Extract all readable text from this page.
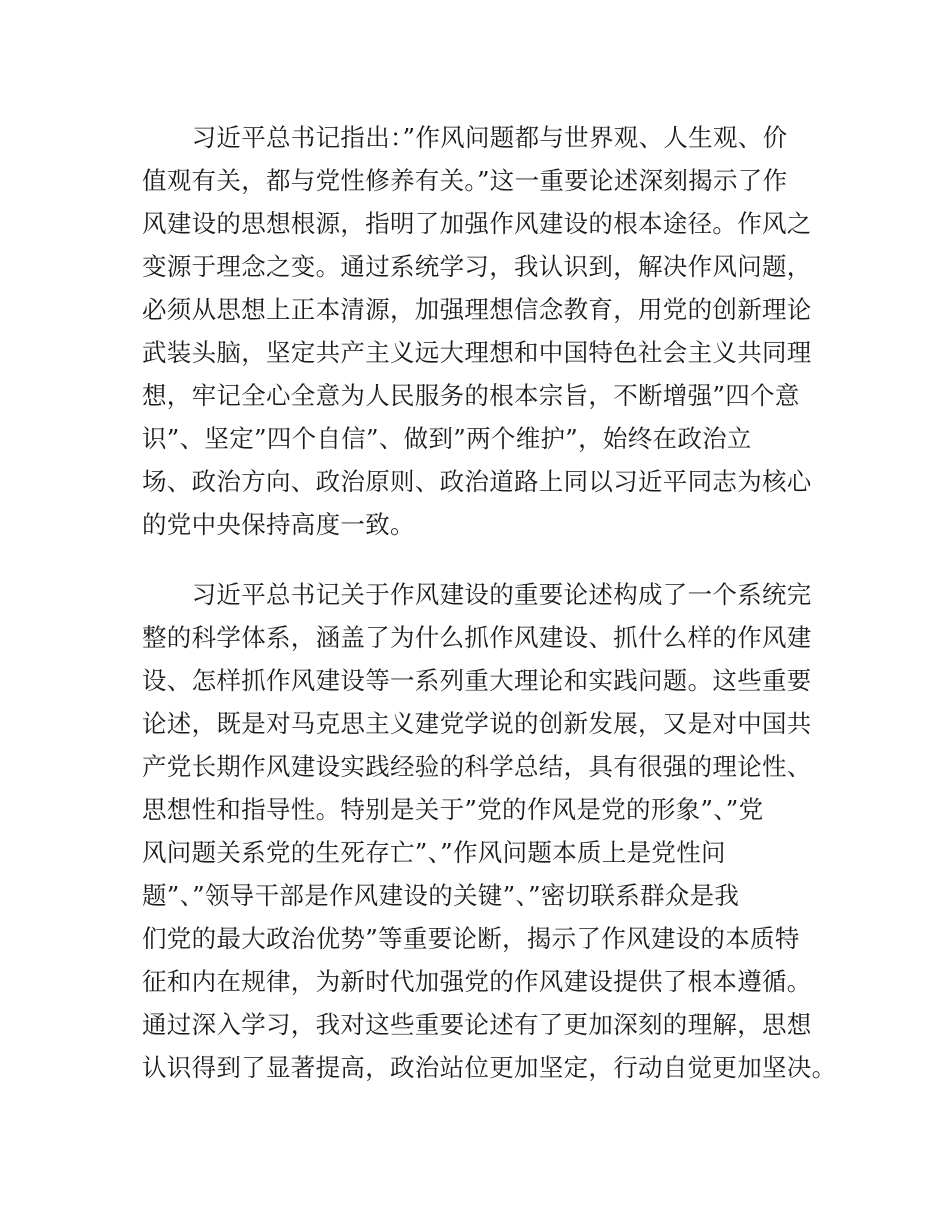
　　习近平总书记指出：”作风问题都与世界观、人生观、价
值观有关，都与党性修养有关。”这一重要论述深刻揭示了作
风建设的思想根源，指明了加强作风建设的根本途径。作风之
变源于理念之变。通过系统学习，我认识到，解决作风问题，
必须从思想上正本清源，加强理想信念教育，用党的创新理论
武装头脑，坚定共产主义远大理想和中国特色社会主义共同理
想，牢记全心全意为人民服务的根本宗旨，不断增强”四个意
识”、坚定”四个自信”、做到”两个维护”，始终在政治立
场、政治方向、政治原则、政治道路上同以习近平同志为核心
的党中央保持高度一致。
　　习近平总书记关于作风建设的重要论述构成了一个系统完
整的科学体系，涵盖了为什么抓作风建设、抓什么样的作风建
设、怎样抓作风建设等一系列重大理论和实践问题。这些重要
论述，既是对马克思主义建党学说的创新发展，又是对中国共
产党长期作风建设实践经验的科学总结，具有很强的理论性、
思想性和指导性。特别是关于”党的作风是党的形象”、”党
风问题关系党的生死存亡”、”作风问题本质上是党性问
题”、”领导干部是作风建设的关键”、”密切联系群众是我
们党的最大政治优势”等重要论断，揭示了作风建设的本质特
征和内在规律，为新时代加强党的作风建设提供了根本遵循。
通过深入学习，我对这些重要论述有了更加深刻的理解，思想
认识得到了显著提高，政治站位更加坚定，行动自觉更加坚决。
